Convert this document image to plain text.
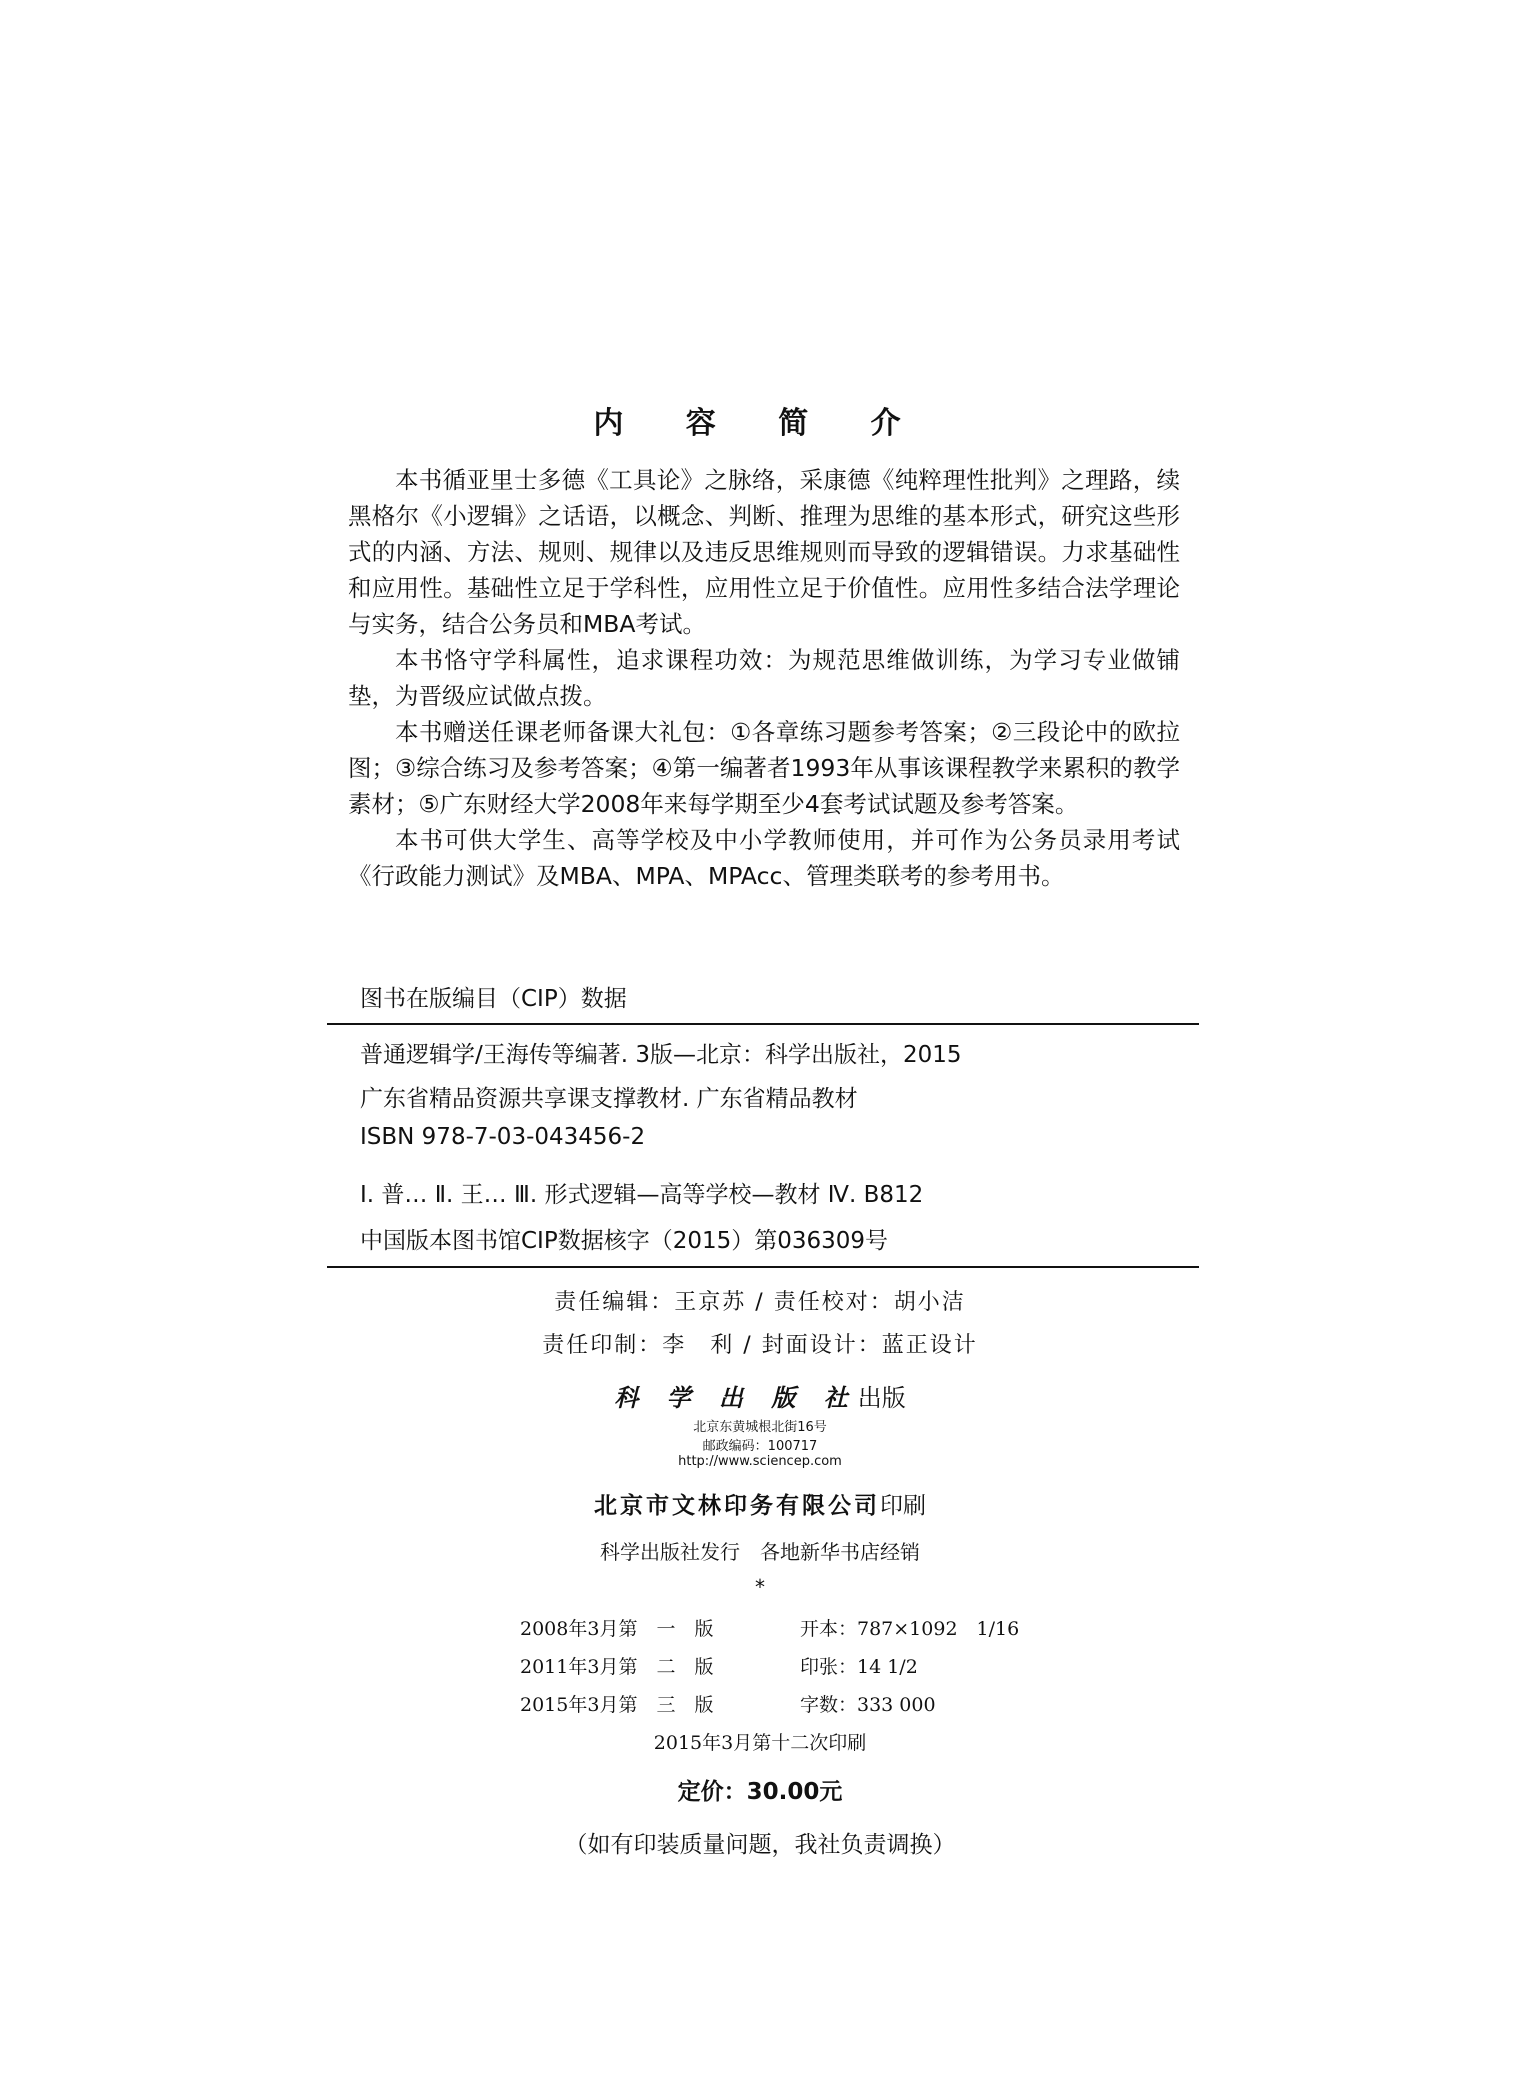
内 容 简 介

本书循亚里士多德《工具论》之脉络，采康德《纯粹理性批判》之理路，续黑格尔《小逻辑》之话语，以概念、判断、推理为思维的基本形式，研究这些形式的内涵、方法、规则、规律以及违反思维规则而导致的逻辑错误。力求基础性和应用性。基础性立足于学科性，应用性立足于价值性。应用性多结合法学理论与实务，结合公务员和MBA考试。

本书恪守学科属性，追求课程功效：为规范思维做训练，为学习专业做铺垫，为晋级应试做点拨。

本书赠送任课老师备课大礼包：①各章练习题参考答案；②三段论中的欧拉图；③综合练习及参考答案；④第一编著者1993年从事该课程教学来累积的教学素材；⑤广东财经大学2008年来每学期至少4套考试试题及参考答案。

本书可供大学生、高等学校及中小学教师使用，并可作为公务员录用考试《行政能力测试》及MBA、MPA、MPAcc、管理类联考的参考用书。

图书在版编目（CIP）数据
普通逻辑学/王海传等编著. 3版—北京：科学出版社，2015
广东省精品资源共享课支撑教材. 广东省精品教材
ISBN 978-7-03-043456-2
Ⅰ. 普… Ⅱ. 王… Ⅲ. 形式逻辑—高等学校—教材 Ⅳ. B812
中国版本图书馆CIP数据核字（2015）第036309号
责任编辑：王京苏 / 责任校对：胡小洁
责任印制：李　利 / 封面设计：蓝正设计
科 学 出 版 社出版
北京东黄城根北街16号
邮政编码：100717
http://www.sciencep.com
北京市文林印务有限公司印刷
科学出版社发行　各地新华书店经销
*
2008年3月第　一　版	开本：787×1092　1/16
2011年3月第　二　版	印张：14 1/2
2015年3月第　三　版	字数：333 000
2015年3月第十二次印刷
定价：30.00元
（如有印装质量问题，我社负责调换）
